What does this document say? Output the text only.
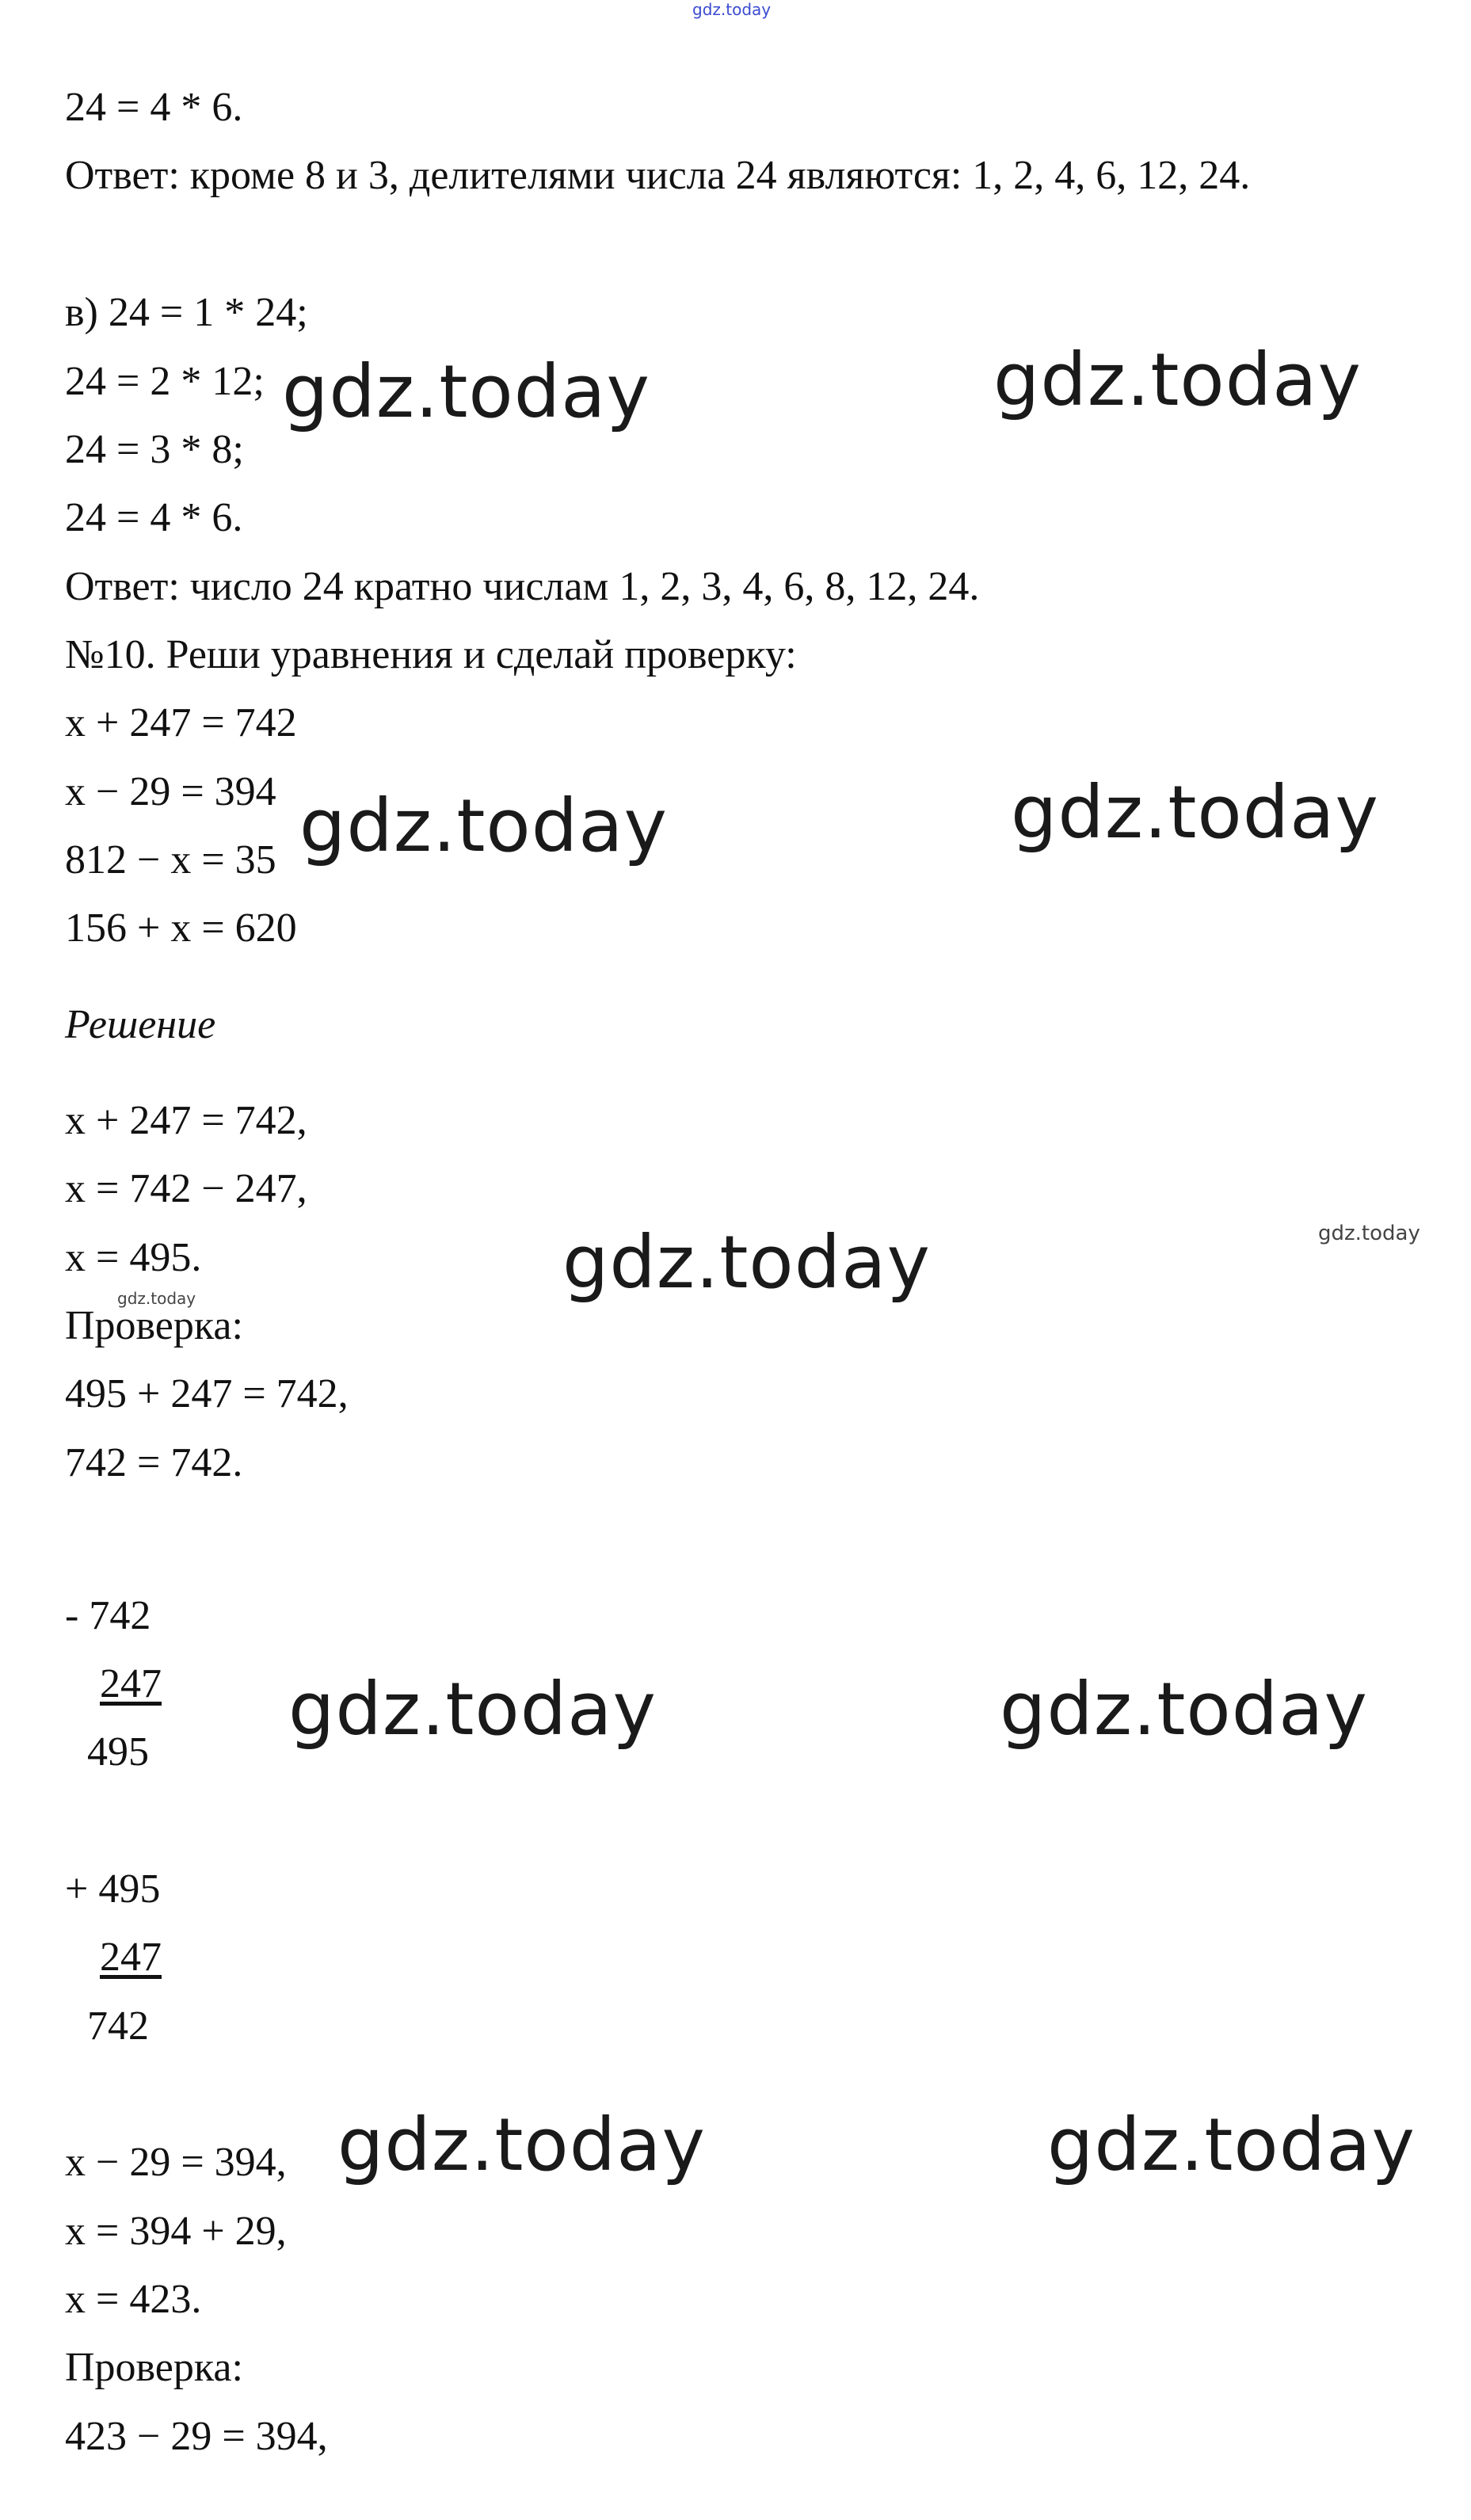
gdz.today
24 = 4 * 6.
Ответ: кроме 8 и 3, делителями числа 24 являются: 1, 2, 4, 6, 12, 24.
в) 24 = 1 * 24;
24 = 2 * 12;
24 = 3 * 8;
24 = 4 * 6.
Ответ: число 24 кратно числам 1, 2, 3, 4, 6, 8, 12, 24.
№10. Реши уравнения и сделай проверку:
x + 247 = 742
x − 29 = 394
812 − x = 35
156 + x = 620
Решение
x + 247 = 742,
x = 742 − 247,
x = 495.
Проверка:
495 + 247 = 742,
742 = 742.
- 742
247
495
+ 495
247
742
x − 29 = 394,
x = 394 + 29,
x = 423.
Проверка:
423 − 29 = 394,
gdz.today	gdz.today
gdz.today	gdz.today
gdz.today	gdz.today
gdz.today
gdz.today	gdz.today
gdz.today	gdz.today
